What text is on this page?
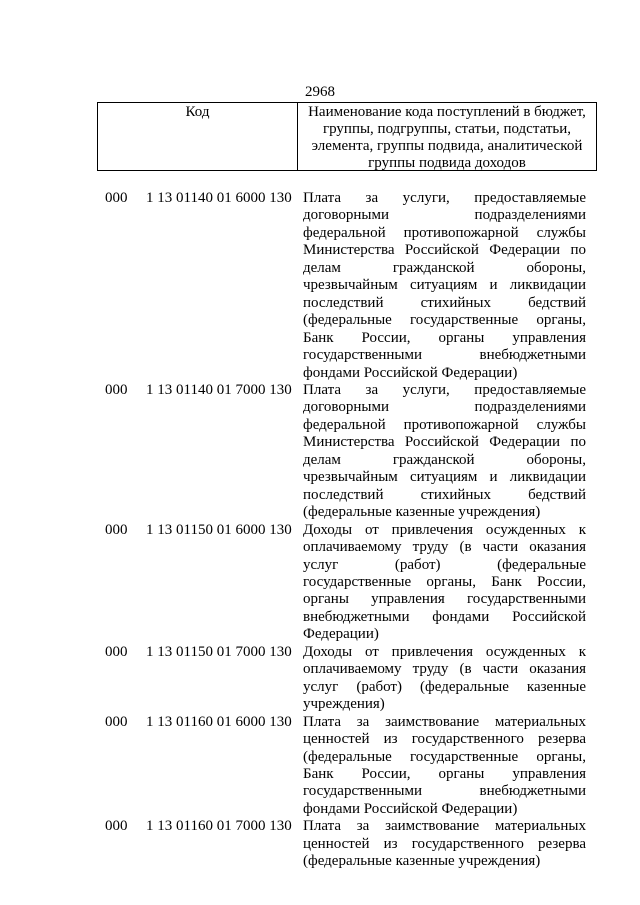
2968
Код	Наименование кода поступлений в бюджет, группы, подгруппы, статьи, подстатьи, элемента, группы подвида, аналитической группы подвида доходов
000	1 13 01140 01 6000 130 Плата за услуги, предоставляемые договорными подразделениями федеральной противопожарной службы Министерства Российской Федерации по делам гражданской обороны, чрезвычайным ситуациям и ликвидации последствий стихийных бедствий (федеральные государственные органы, Банк России, органы управления государственными внебюджетными фондами Российской Федерации)
000	1 13 01140 01 7000 130 Плата за услуги, предоставляемые договорными подразделениями федеральной противопожарной службы Министерства Российской Федерации по делам гражданской обороны, чрезвычайным ситуациям и ликвидации последствий стихийных бедствий (федеральные казенные учреждения)
000	1 13 01150 01 6000 130 Доходы от привлечения осужденных к оплачиваемому труду (в части оказания услуг (работ) (федеральные государственные органы, Банк России, органы управления государственными внебюджетными фондами Российской Федерации)
000	1 13 01150 01 7000 130 Доходы от привлечения осужденных к оплачиваемому труду (в части оказания услуг (работ) (федеральные казенные учреждения)
000	1 13 01160 01 6000 130 Плата за заимствование материальных ценностей из государственного резерва (федеральные государственные органы, Банк России, органы управления государственными внебюджетными фондами Российской Федерации)
000	1 13 01160 01 7000 130 Плата за заимствование материальных ценностей из государственного резерва (федеральные казенные учреждения)
